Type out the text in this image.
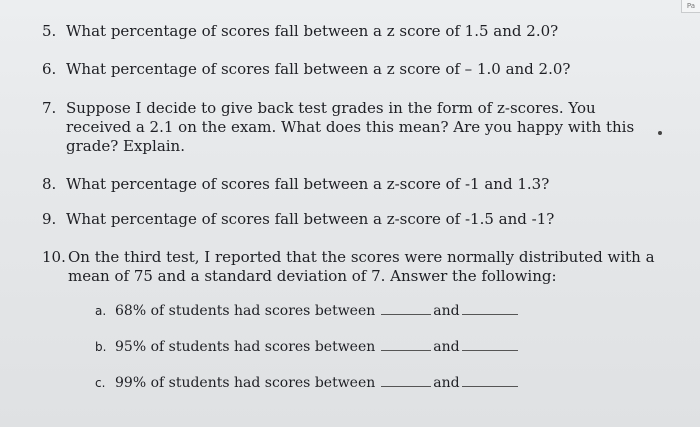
Pa
5. What percentage of scores fall between a z score of 1.5 and 2.0?
6. What percentage of scores fall between a z score of – 1.0 and 2.0?
7. Suppose I decide to give back test grades in the form of z-scores. You
received a 2.1 on the exam. What does this mean? Are you happy with this
grade? Explain.
8. What percentage of scores fall between a z-score of -1 and 1.3?
9. What percentage of scores fall between a z-score of -1.5 and -1?
10. On the third test, I reported that the scores were normally distributed with a
mean of 75 and a standard deviation of 7. Answer the following:
a. 68% of students had scores between	and
b. 95% of students had scores between	and
c. 99% of students had scores between	and
